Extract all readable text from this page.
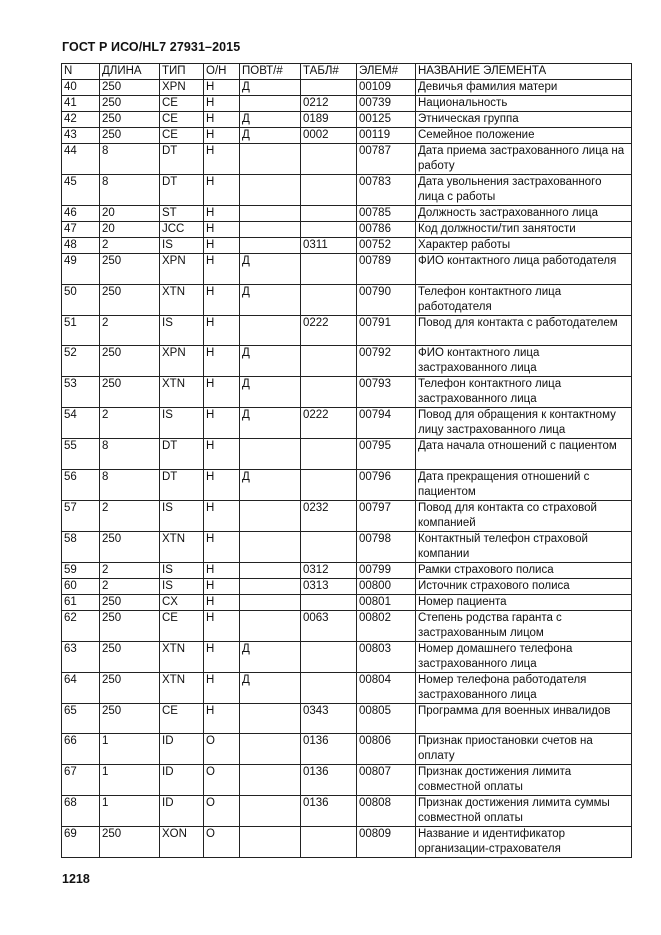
ГОСТ Р ИСО/HL7 27931–2015
N	ДЛИНА	ТИП	О/Н	ПОВТ/#	ТАБЛ#	ЭЛЕМ#	НАЗВАНИЕ ЭЛЕМЕНТА
40	250	XPN	Н	Д		00109	Девичья фамилия матери
41	250	CE	Н		0212	00739	Национальность
42	250	CE	Н	Д	0189	00125	Этническая группа
43	250	CE	Н	Д	0002	00119	Семейное положение
44	8	DT	Н			00787	Дата приема застрахованного лица на работу
45	8	DT	Н			00783	Дата увольнения застрахованного лица с работы
46	20	ST	Н			00785	Должность застрахованного лица
47	20	JCC	Н			00786	Код должности/тип занятости
48	2	IS	Н		0311	00752	Характер работы
49	250	XPN	Н	Д		00789	ФИО контактного лица работодателя
50	250	XTN	Н	Д		00790	Телефон контактного лица работодателя
51	2	IS	Н		0222	00791	Повод для контакта с работодателем
52	250	XPN	Н	Д		00792	ФИО контактного лица застрахованного лица
53	250	XTN	Н	Д		00793	Телефон контактного лица застрахованного лица
54	2	IS	Н	Д	0222	00794	Повод для обращения к контактному лицу застрахованного лица
55	8	DT	Н			00795	Дата начала отношений с пациентом
56	8	DT	Н	Д		00796	Дата прекращения отношений с пациентом
57	2	IS	Н		0232	00797	Повод для контакта со страховой компанией
58	250	XTN	Н			00798	Контактный телефон страховой компании
59	2	IS	Н		0312	00799	Рамки страхового полиса
60	2	IS	Н		0313	00800	Источник страхового полиса
61	250	CX	Н			00801	Номер пациента
62	250	CE	Н		0063	00802	Степень родства гаранта с застрахованным лицом
63	250	XTN	Н	Д		00803	Номер домашнего телефона застрахованного лица
64	250	XTN	Н	Д		00804	Номер телефона работодателя застрахованного лица
65	250	CE	Н		0343	00805	Программа для военных инвалидов
66	1	ID	О		0136	00806	Признак приостановки счетов на оплату
67	1	ID	О		0136	00807	Признак достижения лимита совместной оплаты
68	1	ID	О		0136	00808	Признак достижения лимита суммы совместной оплаты
69	250	XON	О			00809	Название и идентификатор организации-страхователя
1218
